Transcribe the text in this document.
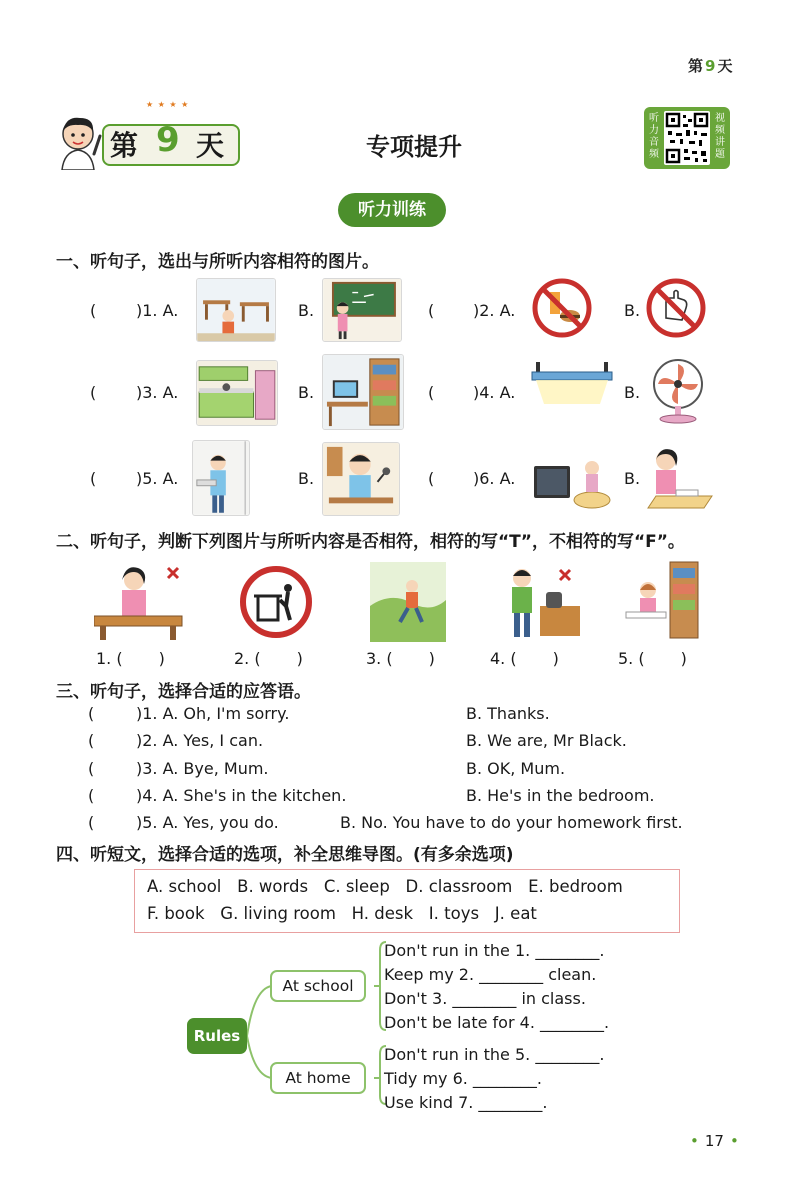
第 9 天
★ ★ ★ ★
第 9 天	专项提升
听力音频
视频讲题
听力训练
一、听句子，选出与所听内容相符的图片。
( )1. A.	B.	( )2. A.	B.
( )3. A.	B.	( )4. A.	B.
( )5. A.	B.	( )6. A.	B.
二、听句子，判断下列图片与所听内容是否相符，相符的写“T”，不相符的写“F”。
1. ( )	2. ( )	3. ( )	4. ( )	5. ( )
三、听句子，选择合适的应答语。
(	)1. A. Oh, I'm sorry.	B. Thanks.
(	)2. A. Yes, I can.	B. We are, Mr Black.
(	)3. A. Bye, Mum.	B. OK, Mum.
(	)4. A. She's in the kitchen.	B. He's in the bedroom.
(	)5. A. Yes, you do.	B. No. You have to do your homework first.
四、听短文，选择合适的选项，补全思维导图。(有多余选项)
A. school   B. words   C. sleep   D. classroom   E. bedroom
F. book   G. living room   H. desk   I. toys   J. eat
Rules
At school
At home
Don't run in the 1. ________.
Keep my 2. ________ clean.
Don't 3. ________ in class.
Don't be late for 4. ________.
Don't run in the 5. ________.
Tidy my 6. ________.
Use kind 7. ________.
• 17 •
